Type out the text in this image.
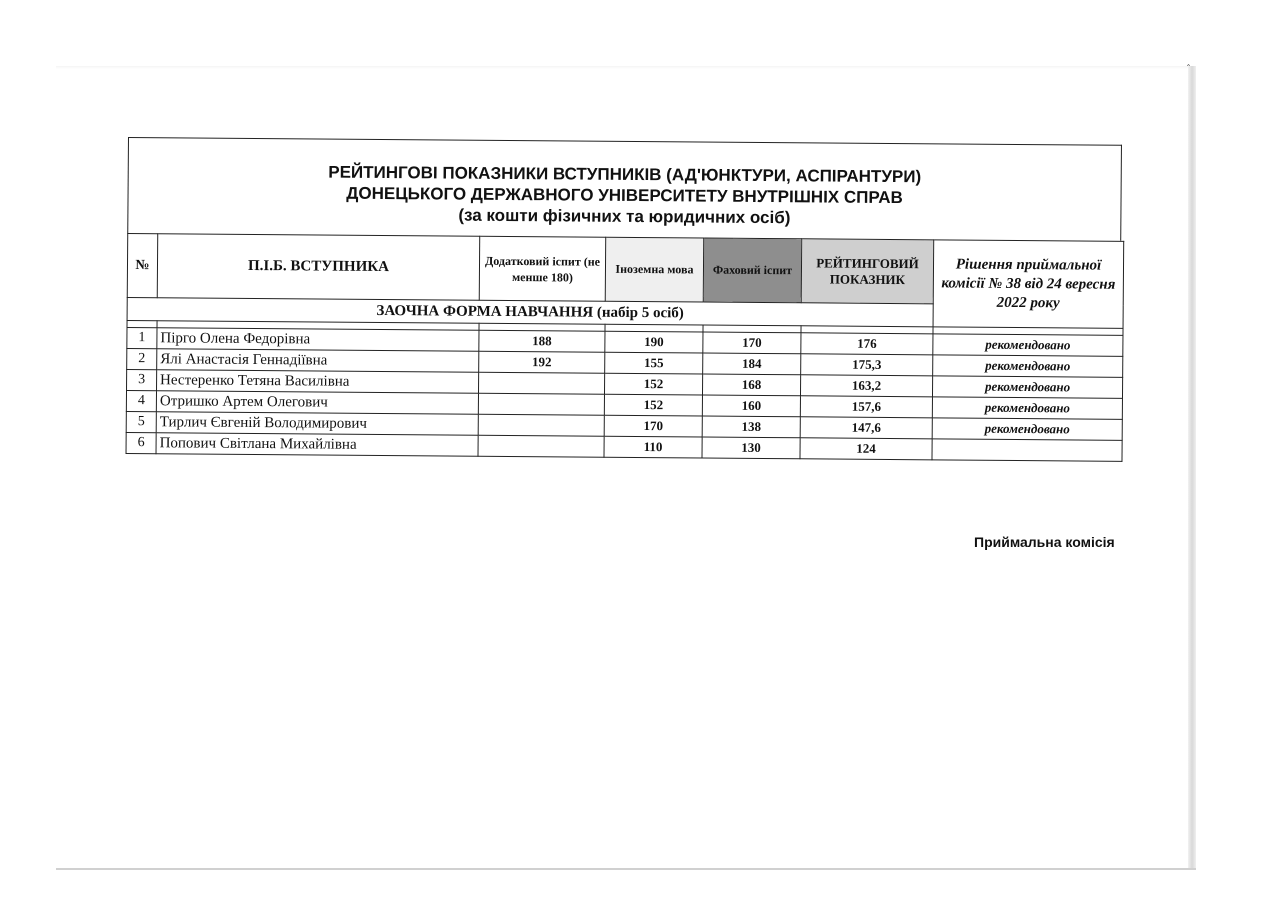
ˆ
РЕЙТИНГОВІ ПОКАЗНИКИ ВСТУПНИКІВ (АД'ЮНКТУРИ, АСПІРАНТУРИ)
ДОНЕЦЬКОГО ДЕРЖАВНОГО УНІВЕРСИТЕТУ ВНУТРІШНІХ СПРАВ
(за кошти фізичних та юридичних осіб)
№	П.І.Б. ВСТУПНИКА	Додатковий іспит (не менше 180)	Іноземна мова	Фаховий іспит	РЕЙТИНГОВИЙ ПОКАЗНИК	Рішення приймальної комісії № 38 від 24 вересня 2022 року
ЗАОЧНА ФОРМА НАВЧАННЯ (набір 5 осіб)						

1	Пірго Олена Федорівна	188	190	170	176	рекомендовано
2	Ялі Анастасія Геннадіївна	192	155	184	175,3	рекомендовано
3	Нестеренко Тетяна Василівна		152	168	163,2	рекомендовано
4	Отришко Артем Олегович		152	160	157,6	рекомендовано
5	Тирлич Євгеній Володимирович		170	138	147,6	рекомендовано
6	Попович Світлана Михайлівна		110	130	124	
Приймальна комісія
